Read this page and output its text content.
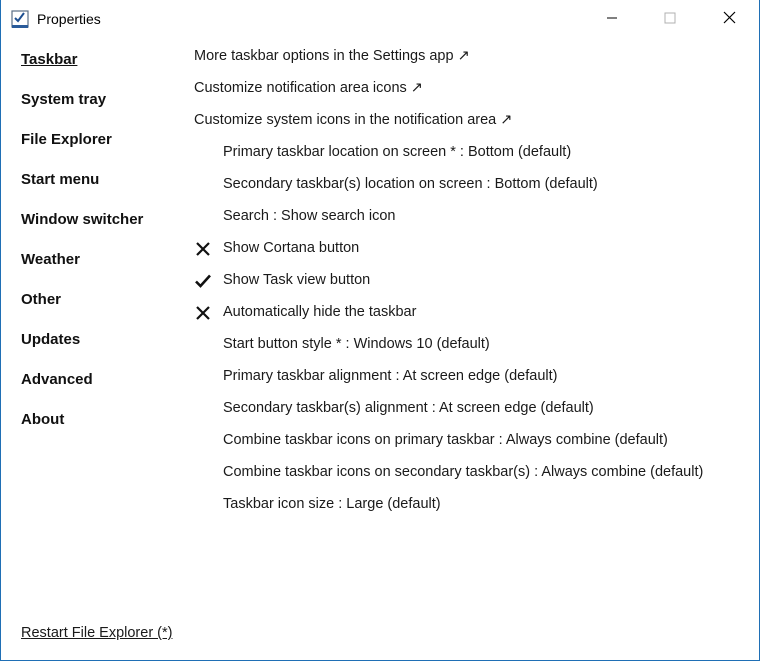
Properties
Taskbar
System tray
File Explorer
Start menu
Window switcher
Weather
Other
Updates
Advanced
About
More taskbar options in the Settings app ↗
Customize notification area icons ↗
Customize system icons in the notification area ↗
Primary taskbar location on screen * : Bottom (default)
Secondary taskbar(s) location on screen : Bottom (default)
Search : Show search icon
Show Cortana button
Show Task view button
Automatically hide the taskbar
Start button style * : Windows 10 (default)
Primary taskbar alignment : At screen edge (default)
Secondary taskbar(s) alignment : At screen edge (default)
Combine taskbar icons on primary taskbar : Always combine (default)
Combine taskbar icons on secondary taskbar(s) : Always combine (default)
Taskbar icon size : Large (default)
Restart File Explorer (*)
